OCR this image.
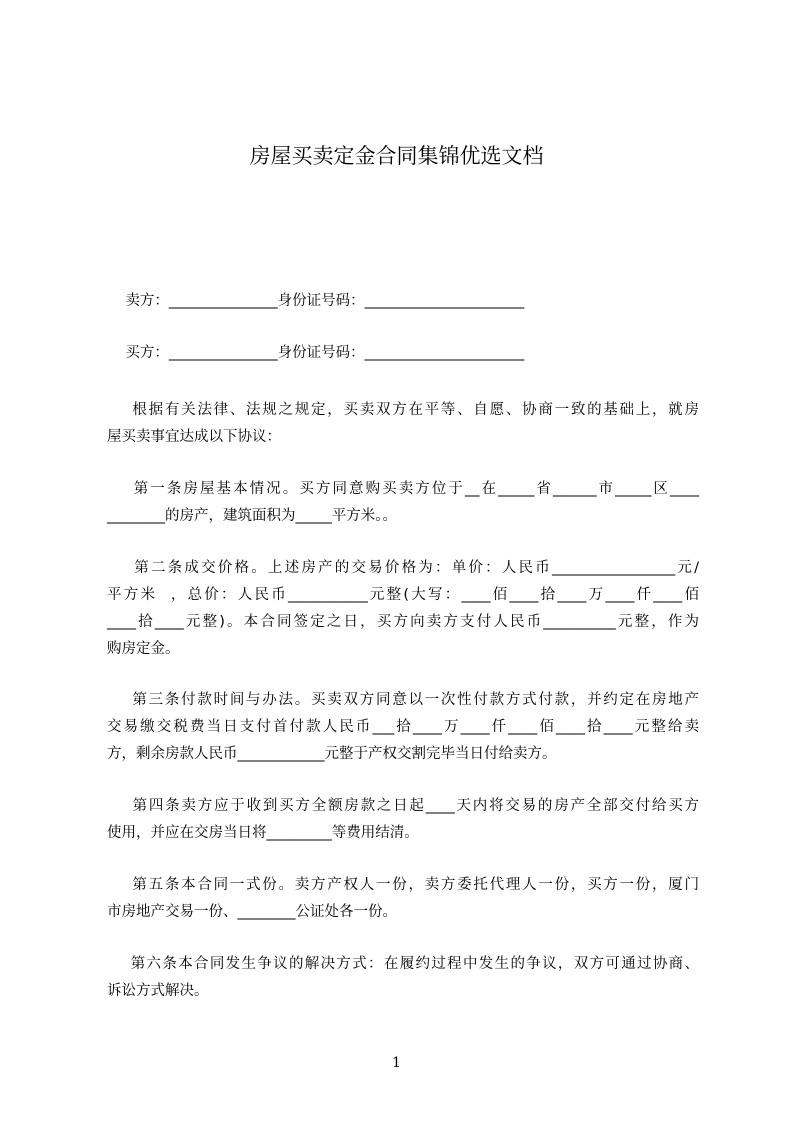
房屋买卖定金合同集锦优选文档
卖方：_______________身份证号码：______________________
买方：_______________身份证号码：______________________
根据有关法律、法规之规定，买卖双方在平等、自愿、协商一致的基础上，就房
屋买卖事宜达成以下协议：
第一条房屋基本情况。买方同意购买卖方位于__在_____省______市_____区____
________的房产，建筑面积为_____平方米。。
第二条成交价格。上述房产的交易价格为：单价：人民币_________________元/
平方米  ，总价：人民币___________元整(大写：____佰____拾____万____仟____佰
____拾____元整)。本合同签定之日，买方向卖方支付人民币__________元整，作为
购房定金。
第三条付款时间与办法。买卖双方同意以一次性付款方式付款，并约定在房地产
交易缴交税费当日支付首付款人民币___拾____万____仟____佰____拾____元整给卖
方，剩余房款人民币____________元整于产权交割完毕当日付给卖方。
第四条卖方应于收到买方全额房款之日起____天内将交易的房产全部交付给买方
使用，并应在交房当日将_________等费用结清。
第五条本合同一式份。卖方产权人一份，卖方委托代理人一份，买方一份，厦门
市房地产交易一份、________公证处各一份。
第六条本合同发生争议的解决方式：在履约过程中发生的争议，双方可通过协商、
诉讼方式解决。
1
